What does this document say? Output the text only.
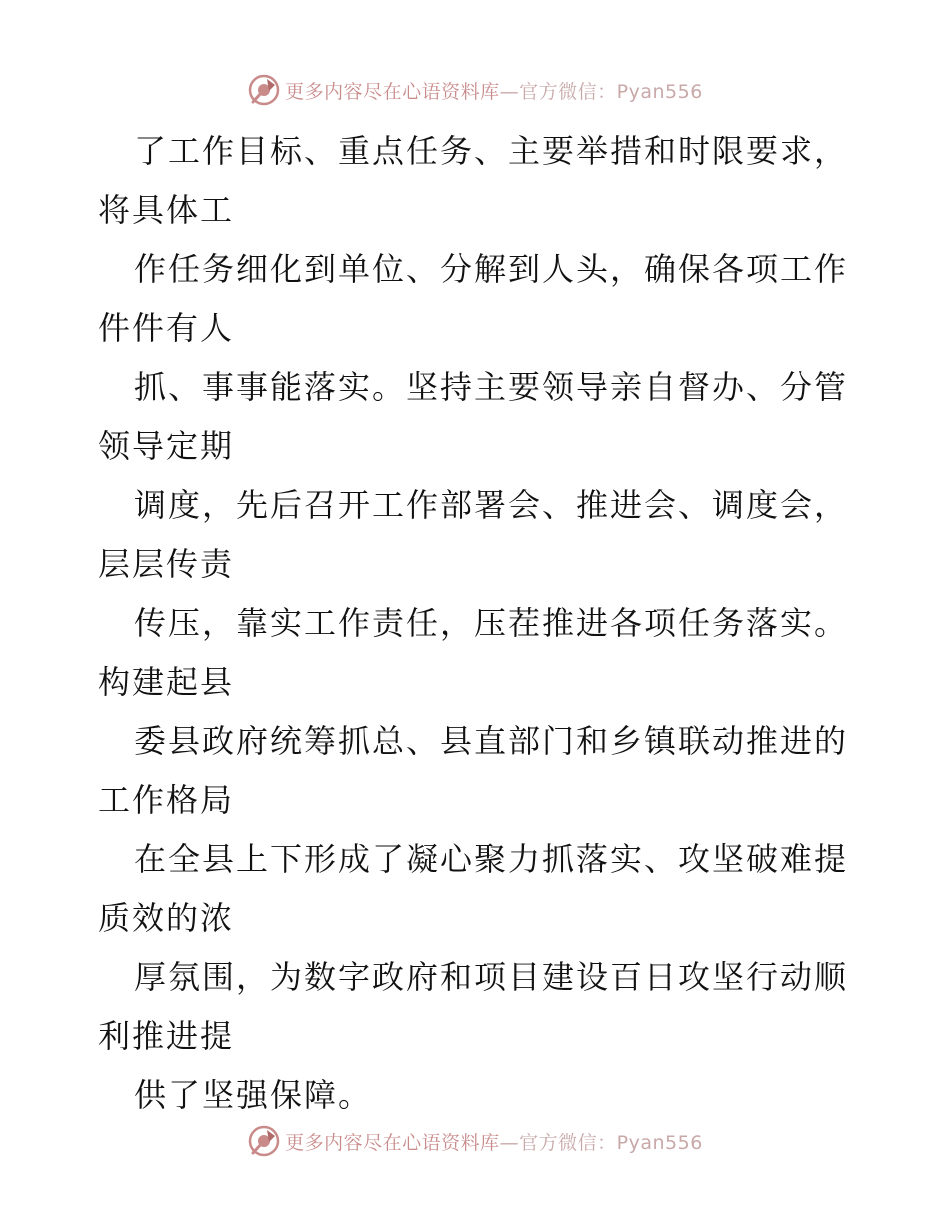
更多内容尽在心语资料库—官方微信：Pyan556
了工作目标、重点任务、主要举措和时限要求，
将具体工
作任务细化到单位、分解到人头，确保各项工作
件件有人
抓、事事能落实。坚持主要领导亲自督办、分管
领导定期
调度，先后召开工作部署会、推进会、调度会，
层层传责
传压，靠实工作责任，压茬推进各项任务落实。
构建起县
委县政府统筹抓总、县直部门和乡镇联动推进的
工作格局
在全县上下形成了凝心聚力抓落实、攻坚破难提
质效的浓
厚氛围，为数字政府和项目建设百日攻坚行动顺
利推进提
供了坚强保障。
更多内容尽在心语资料库—官方微信：Pyan556
